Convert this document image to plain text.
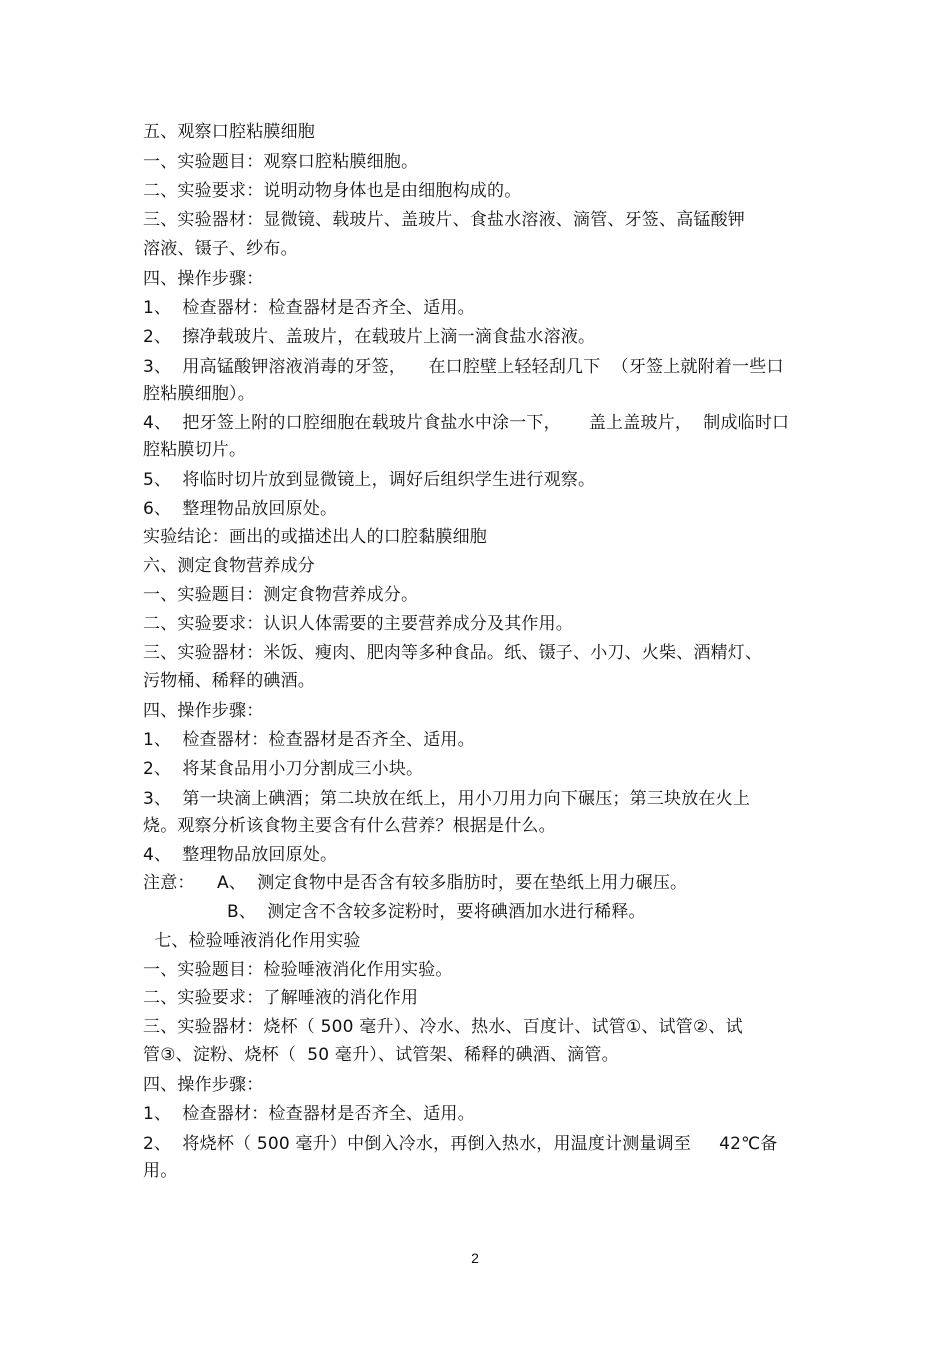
五、观察口腔粘膜细胞
一、实验题目：观察口腔粘膜细胞。
二、实验要求：说明动物身体也是由细胞构成的。
三、实验器材：显微镜、载玻片、盖玻片、食盐水溶液、滴管、牙签、高锰酸钾
溶液、镊子、纱布。
四、操作步骤：
1、  检查器材：检查器材是否齐全、适用。
2、  擦净载玻片、盖玻片，在载玻片上滴一滴食盐水溶液。
3、  用高锰酸钾溶液消毒的牙签，    在口腔壁上轻轻刮几下  （牙签上就附着一些口
腔粘膜细胞）。
4、  把牙签上附的口腔细胞在载玻片食盐水中涂一下，     盖上盖玻片，  制成临时口
腔粘膜切片。
5、  将临时切片放到显微镜上，调好后组织学生进行观察。
6、  整理物品放回原处。
实验结论：画出的或描述出人的口腔黏膜细胞
六、测定食物营养成分
一、实验题目：测定食物营养成分。
二、实验要求：认识人体需要的主要营养成分及其作用。
三、实验器材：米饭、瘦肉、肥肉等多种食品。纸、镊子、小刀、火柴、酒精灯、
污物桶、稀释的碘酒。
四、操作步骤：
1、  检查器材：检查器材是否齐全、适用。
2、  将某食品用小刀分割成三小块。
3、  第一块滴上碘酒；第二块放在纸上，用小刀用力向下碾压；第三块放在火上
烧。观察分析该食物主要含有什么营养？根据是什么。
4、  整理物品放回原处。
注意：    A、  测定食物中是否含有较多脂肪时，要在垫纸上用力碾压。
B、  测定含不含较多淀粉时，要将碘酒加水进行稀释。
七、检验唾液消化作用实验
一、实验题目：检验唾液消化作用实验。
二、实验要求：了解唾液的消化作用
三、实验器材：烧杯（ 500 毫升）、冷水、热水、百度计、试管①、试管②、试
管③、淀粉、烧杯（  50 毫升）、试管架、稀释的碘酒、滴管。
四、操作步骤：
1、  检查器材：检查器材是否齐全、适用。
2、  将烧杯（ 500 毫升）中倒入冷水，再倒入热水，用温度计测量调至     42℃备
用。
2
